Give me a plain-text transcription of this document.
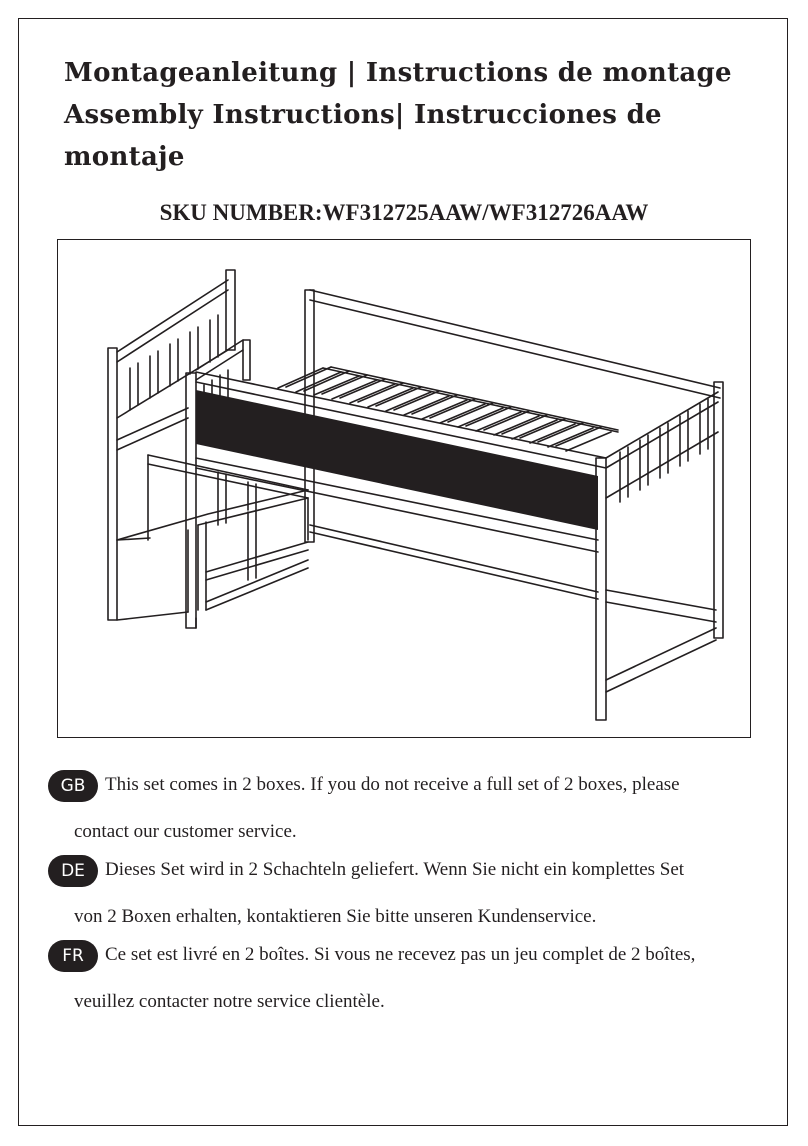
Montageanleitung | Instructions de montage
Assembly Instructions| Instrucciones de
montaje
SKU NUMBER:WF312725AAW/WF312726AAW
GB	This set comes in 2 boxes. If you do not receive a full set of 2 boxes, please
contact our customer service.
DE	Dieses Set wird in 2 Schachteln geliefert. Wenn Sie nicht ein komplettes Set
von 2 Boxen erhalten, kontaktieren Sie bitte unseren Kundenservice.
FR	Ce set est livré en 2 boîtes. Si vous ne recevez pas un jeu complet de 2 boîtes,
veuillez contacter notre service clientèle.
